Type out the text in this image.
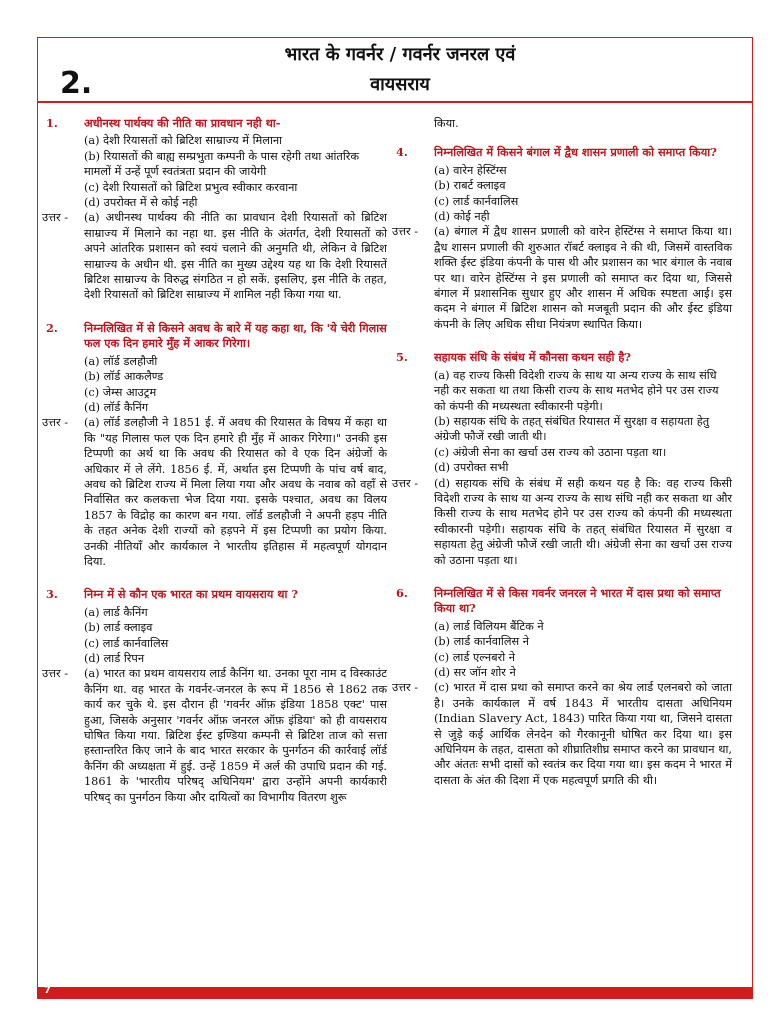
2.
भारत के गवर्नर / गवर्नर जनरल एवं
वायसराय
1. अधीनस्थ पार्थक्य की नीति का प्रावधान नही था-
(a) देशी रियासतों को ब्रिटिश साम्राज्य में मिलाना
(b) रियासतों की बाह्य सम्प्रभुता कम्पनी के पास रहेगी तथा आंतरिक मामलों में उन्हें पूर्ण स्वतंत्रता प्रदान की जायेगी
(c) देशी रियासतों को ब्रिटिश प्रभुत्व स्वीकार करवाना
(d) उपरोक्त में से कोई नही
उत्तर - (a) अधीनस्थ पार्थक्य की नीति का प्रावधान देशी रियासतों को ब्रिटिश साम्राज्य में मिलाने का नहा था. इस नीति के अंतर्गत, देशी रियासतों को अपने आंतरिक प्रशासन को स्वयं चलाने की अनुमति थी, लेकिन वे ब्रिटिश साम्राज्य के अधीन थी. इस नीति का मुख्य उद्देश्य यह था कि देशी रियासतें ब्रिटिश साम्राज्य के विरुद्ध संगठित न हो सकें. इसलिए, इस नीति के तहत, देशी रियासतों को ब्रिटिश साम्राज्य में शामिल नही किया गया था.
2. निम्नलिखित में से किसने अवध के बारे में यह कहा था, कि 'ये चेरी गिलास फल एक दिन हमारे मुँह में आकर गिरेगा।
(a) लॉर्ड डलहौजी
(b) लॉर्ड आकलैण्ड
(c) जेम्स आउट्रम
(d) लॉर्ड कैनिंग
उत्तर - (a) लॉर्ड डलहौजी ने 1851 ई. में अवध की रियासत के विषय में कहा था कि "यह गिलास फल एक दिन हमारे ही मुँह में आकर गिरेगा।" उनकी इस टिप्पणी का अर्थ था कि अवध की रियासत को वे एक दिन अंग्रेजों के अधिकार में ले लेंगे. 1856 ई. में, अर्थात इस टिप्पणी के पांच वर्ष बाद, अवध को ब्रिटिश राज्य में मिला लिया गया और अवध के नवाब को वहाँ से निर्वासित कर कलकत्ता भेज दिया गया. इसके पश्चात, अवध का विलय 1857 के विद्रोह का कारण बन गया. लॉर्ड डलहौजी ने अपनी हड़प नीति के तहत अनेक देशी राज्यों को हड़पने में इस टिप्पणी का प्रयोग किया. उनकी नीतियाँ और कार्यकाल ने भारतीय इतिहास में महत्वपूर्ण योगदान दिया.
3. निम्न में से कौन एक भारत का प्रथम वायसराय था ?
(a) लार्ड कैनिंग
(b) लार्ड क्लाइव
(c) लार्ड कार्नवालिस
(d) लार्ड रिपन
उत्तर - (a) भारत का प्रथम वायसराय लार्ड कैनिंग था. उनका पूरा नाम द विस्काउंट कैनिंग था. वह भारत के गवर्नर-जनरल के रूप में 1856 से 1862 तक कार्य कर चुके थे. इस दौरान ही 'गवर्नर ऑफ़ इंडिया 1858 एक्ट' पास हुआ, जिसके अनुसार 'गवर्नर ऑफ़ जनरल ऑफ़ इंडिया' को ही वायसराय घोषित किया गया. ब्रिटिश ईस्ट इण्डिया कम्पनी से ब्रिटिश ताज को सत्ता हस्तान्तरित किए जाने के बाद भारत सरकार के पुनर्गठन की कार्रवाई लॉर्ड कैनिंग की अध्यक्षता में हुई. उन्हें 1859 में अर्ल की उपाधि प्रदान की गई. 1861 के 'भारतीय परिषद् अधिनियम' द्वारा उन्होंने अपनी कार्यकारी परिषद् का पुनर्गठन किया और दायित्वों का विभागीय वितरण शुरू
किया.
4. निम्नलिखित में किसने बंगाल में द्वैध शासन प्रणाली को समाप्त किया?
(a) वारेन हेस्टिंग्स
(b) राबर्ट क्लाइव
(c) लार्ड कार्नवालिस
(d) कोई नही
उत्तर - (a) बंगाल में द्वैध शासन प्रणाली को वारेन हेस्टिंग्स ने समाप्त किया था। द्वैध शासन प्रणाली की शुरुआत रॉबर्ट क्लाइव ने की थी, जिसमें वास्तविक शक्ति ईस्ट इंडिया कंपनी के पास थी और प्रशासन का भार बंगाल के नवाब पर था। वारेन हेस्टिंग्स ने इस प्रणाली को समाप्त कर दिया था, जिससे बंगाल में प्रशासनिक सुधार हुए और शासन में अधिक स्पष्टता आई। इस कदम ने बंगाल में ब्रिटिश शासन को मजबूती प्रदान की और ईस्ट इंडिया कंपनी के लिए अधिक सीधा नियंत्रण स्थापित किया।
5. सहायक संधि के संबंध में कौनसा कथन सही है?
(a) वह राज्य किसी विदेशी राज्य के साथ या अन्य राज्य के साथ संधि नही कर सकता था तथा किसी राज्य के साथ मतभेद होने पर उस राज्य को कंपनी की मध्यस्थता स्वीकारनी पड़ेगी।
(b) सहायक संधि के तहत् संबंधित रियासत में सुरक्षा व सहायता हेतु अंग्रेजी फौजें रखी जाती थी।
(c) अंग्रेजी सेना का खर्चा उस राज्य को उठाना पड़ता था।
(d) उपरोक्त सभी
उत्तर - (d) सहायक संधि के संबंध में सही कथन यह है कि: वह राज्य किसी विदेशी राज्य के साथ या अन्य राज्य के साथ संधि नही कर सकता था और किसी राज्य के साथ मतभेद होने पर उस राज्य को कंपनी की मध्यस्थता स्वीकारनी पड़ेगी। सहायक संधि के तहत् संबंधित रियासत में सुरक्षा व सहायता हेतु अंग्रेजी फौजें रखी जाती थी। अंग्रेजी सेना का खर्चा उस राज्य को उठाना पड़ता था।
6. निम्नलिखित में से किस गवर्नर जनरल ने भारत में दास प्रथा को समाप्त किया था?
(a) लार्ड विलियम बैंटिक ने
(b) लार्ड कार्नवालिस ने
(c) लार्ड एल्नबरो ने
(d) सर जॉन शोर ने
उत्तर - (c) भारत में दास प्रथा को समाप्त करने का श्रेय लार्ड एलनबरो को जाता है। उनके कार्यकाल में वर्ष 1843 में भारतीय दासता अधिनियम (Indian Slavery Act, 1843) पारित किया गया था, जिसने दासता से जुड़े कई आर्थिक लेनदेन को गैरकानूनी घोषित कर दिया था। इस अधिनियम के तहत, दासता को शीघ्रातिशीघ्र समाप्त करने का प्रावधान था, और अंततः सभी दासों को स्वतंत्र कर दिया गया था। इस कदम ने भारत में दासता के अंत की दिशा में एक महत्वपूर्ण प्रगति की थी।
7
